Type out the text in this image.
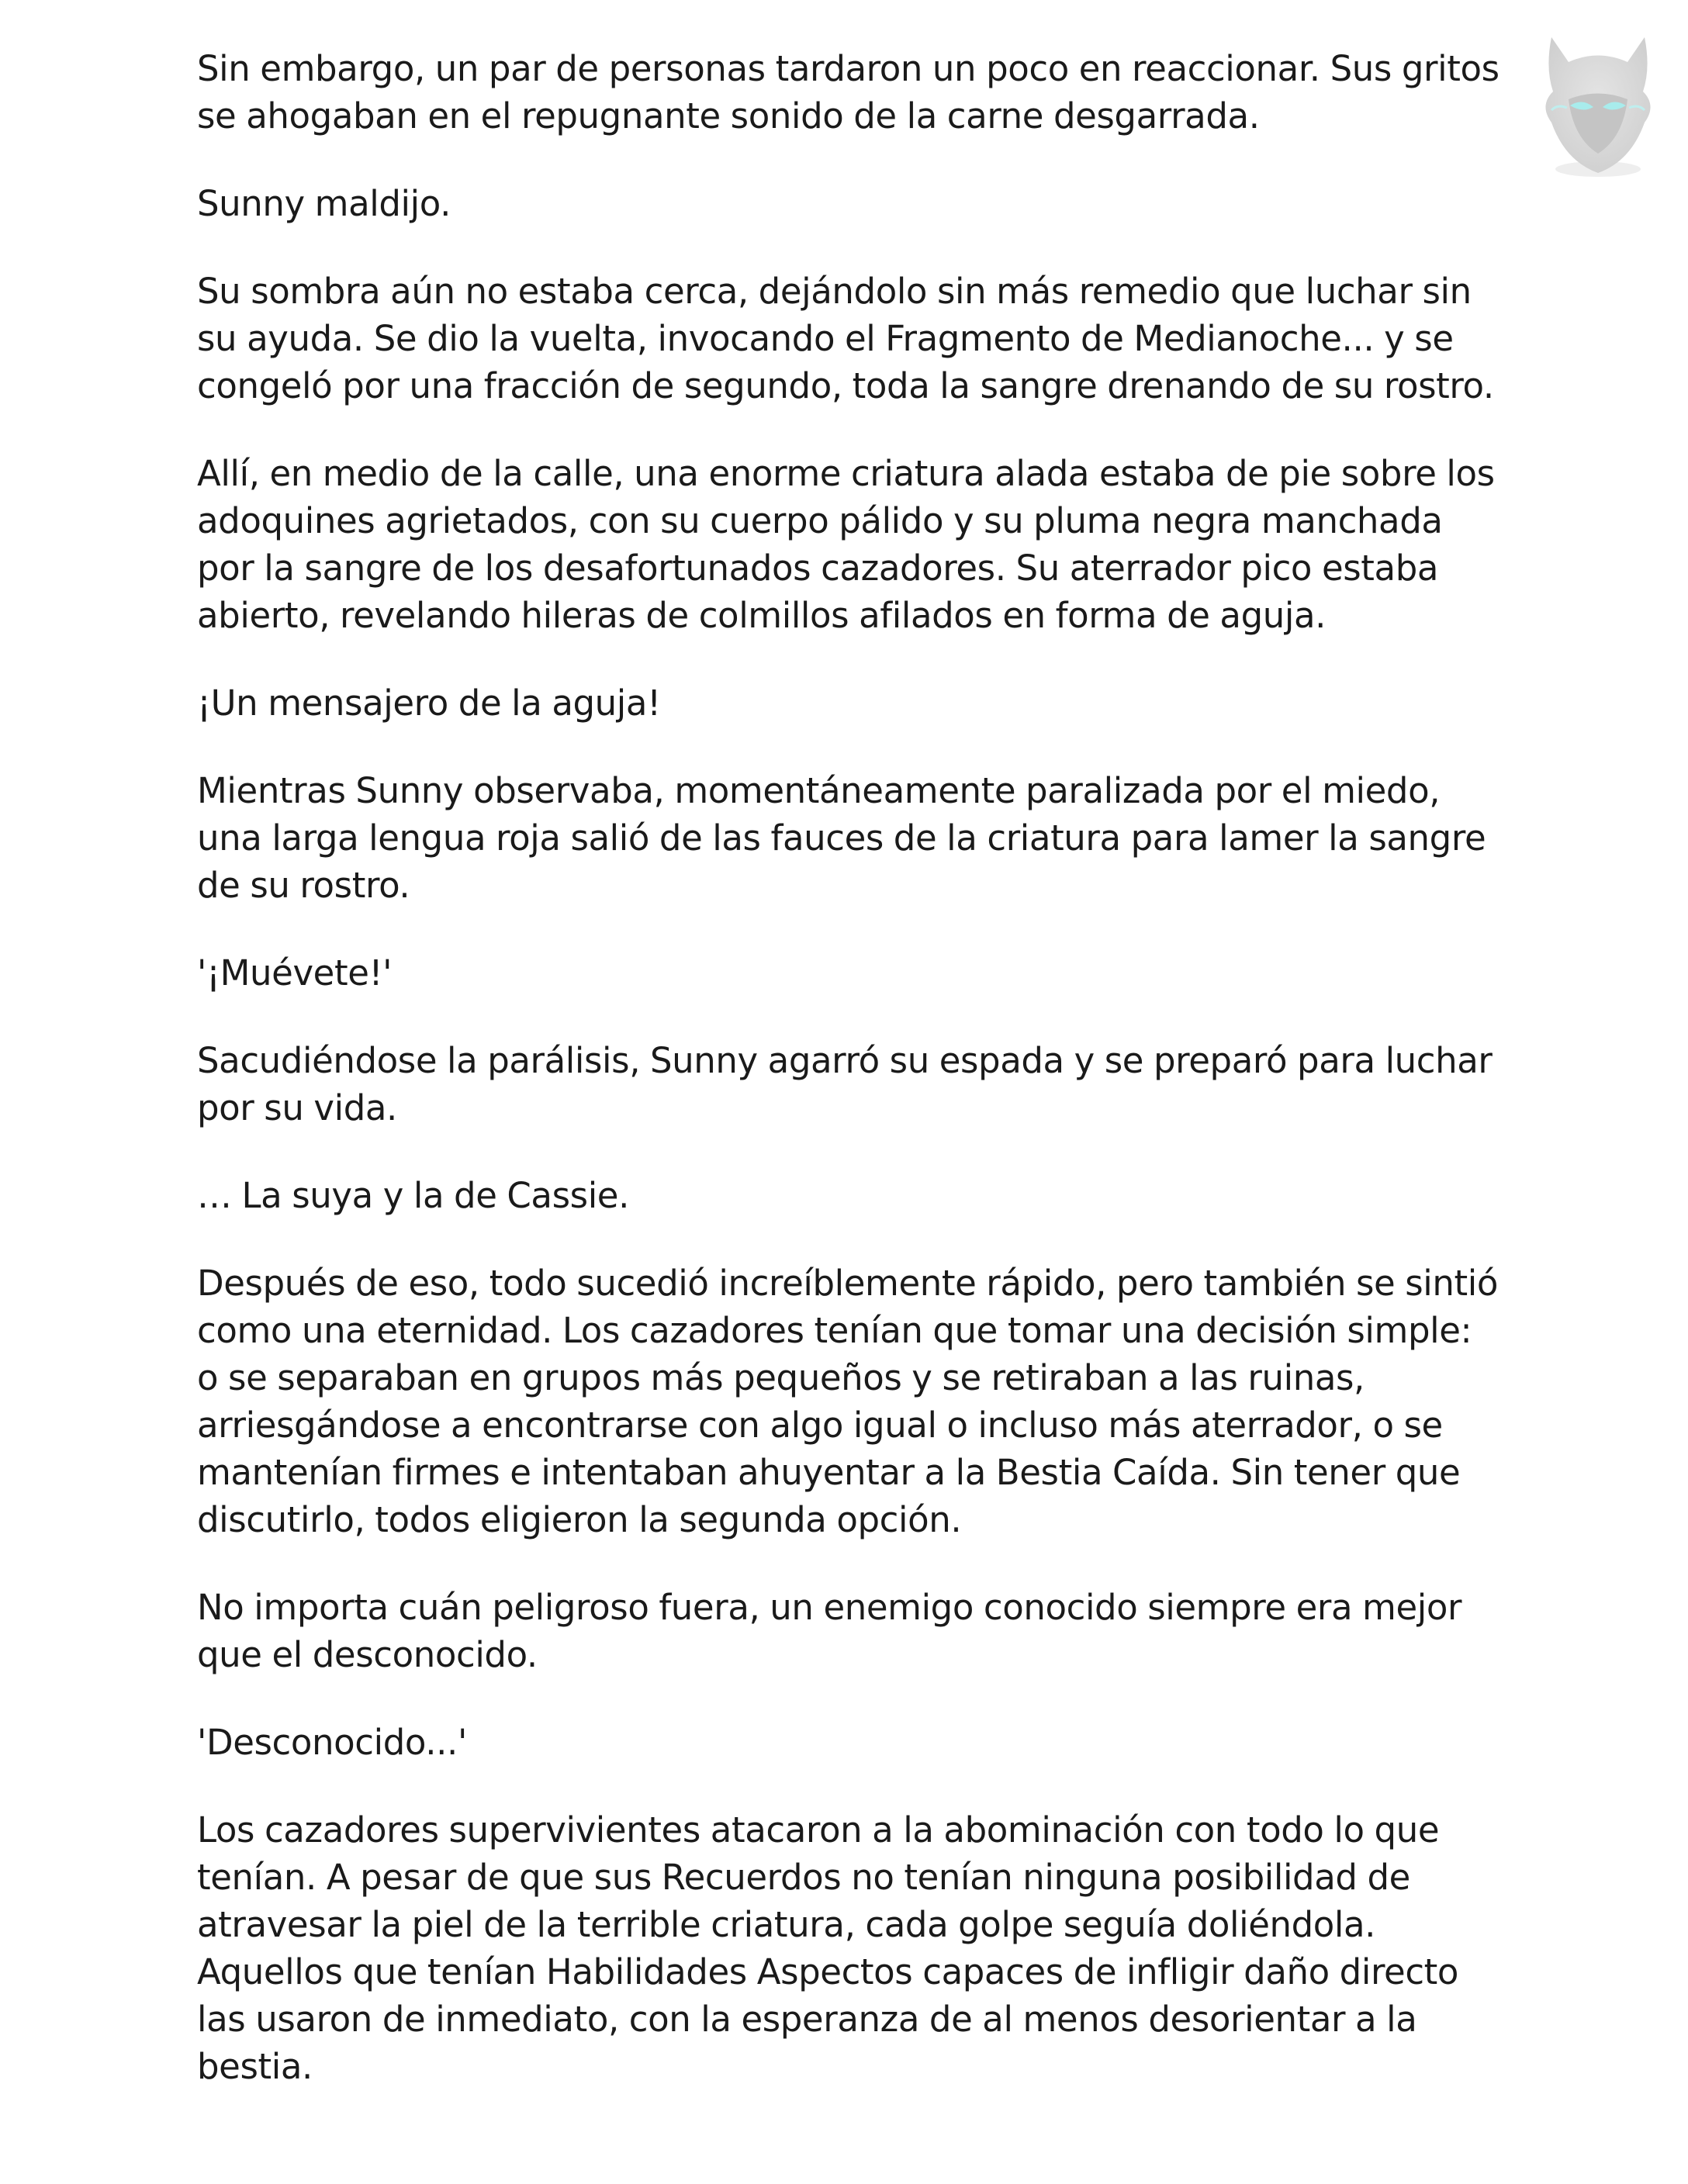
Sin embargo, un par de personas tardaron un poco en reaccionar. Sus gritos se ahogaban en el repugnante sonido de la carne desgarrada.

Sunny maldijo.

Su sombra aún no estaba cerca, dejándolo sin más remedio que luchar sin su ayuda. Se dio la vuelta, invocando el Fragmento de Medianoche... y se congeló por una fracción de segundo, toda la sangre drenando de su rostro.

Allí, en medio de la calle, una enorme criatura alada estaba de pie sobre los adoquines agrietados, con su cuerpo pálido y su pluma negra manchada por la sangre de los desafortunados cazadores. Su aterrador pico estaba abierto, revelando hileras de colmillos afilados en forma de aguja.

¡Un mensajero de la aguja!

Mientras Sunny observaba, momentáneamente paralizada por el miedo, una larga lengua roja salió de las fauces de la criatura para lamer la sangre de su rostro.

'¡Muévete!'

Sacudiéndose la parálisis, Sunny agarró su espada y se preparó para luchar por su vida.

… La suya y la de Cassie.

Después de eso, todo sucedió increíblemente rápido, pero también se sintió como una eternidad. Los cazadores tenían que tomar una decisión simple: o se separaban en grupos más pequeños y se retiraban a las ruinas, arriesgándose a encontrarse con algo igual o incluso más aterrador, o se mantenían firmes e intentaban ahuyentar a la Bestia Caída. Sin tener que discutirlo, todos eligieron la segunda opción.

No importa cuán peligroso fuera, un enemigo conocido siempre era mejor que el desconocido.

'Desconocido...'

Los cazadores supervivientes atacaron a la abominación con todo lo que tenían. A pesar de que sus Recuerdos no tenían ninguna posibilidad de atravesar la piel de la terrible criatura, cada golpe seguía doliéndola. Aquellos que tenían Habilidades Aspectos capaces de infligir daño directo las usaron de inmediato, con la esperanza de al menos desorientar a la bestia.
